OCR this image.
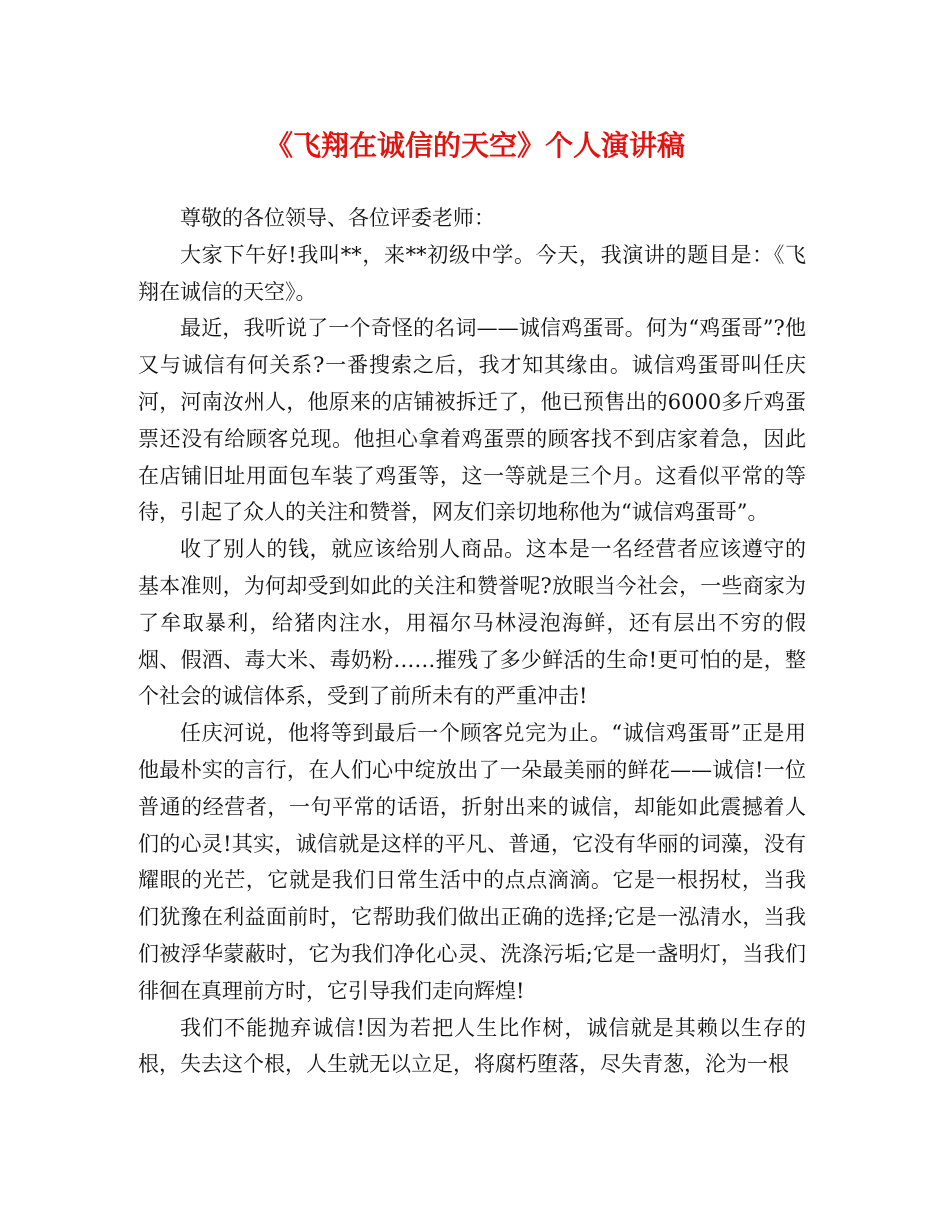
《飞翔在诚信的天空》个人演讲稿

尊敬的各位领导、各位评委老师：

大家下午好!我叫**，来**初级中学。今天，我演讲的题目是：《飞翔在诚信的天空》。

最近，我听说了一个奇怪的名词——诚信鸡蛋哥。何为“鸡蛋哥”?他又与诚信有何关系?一番搜索之后，我才知其缘由。诚信鸡蛋哥叫任庆河，河南汝州人，他原来的店铺被拆迁了，他已预售出的6000多斤鸡蛋票还没有给顾客兑现。他担心拿着鸡蛋票的顾客找不到店家着急，因此在店铺旧址用面包车装了鸡蛋等，这一等就是三个月。这看似平常的等待，引起了众人的关注和赞誉，网友们亲切地称他为“诚信鸡蛋哥”。

收了别人的钱，就应该给别人商品。这本是一名经营者应该遵守的基本准则，为何却受到如此的关注和赞誉呢?放眼当今社会，一些商家为了牟取暴利，给猪肉注水，用福尔马林浸泡海鲜，还有层出不穷的假烟、假酒、毒大米、毒奶粉……摧残了多少鲜活的生命!更可怕的是，整个社会的诚信体系，受到了前所未有的严重冲击!

任庆河说，他将等到最后一个顾客兑完为止。“诚信鸡蛋哥”正是用他最朴实的言行，在人们心中绽放出了一朵最美丽的鲜花——诚信!一位普通的经营者，一句平常的话语，折射出来的诚信，却能如此震撼着人们的心灵!其实，诚信就是这样的平凡、普通，它没有华丽的词藻，没有耀眼的光芒，它就是我们日常生活中的点点滴滴。它是一根拐杖，当我们犹豫在利益面前时，它帮助我们做出正确的选择;它是一泓清水，当我们被浮华蒙蔽时，它为我们净化心灵、洗涤污垢;它是一盏明灯，当我们徘徊在真理前方时，它引导我们走向辉煌!

我们不能抛弃诚信!因为若把人生比作树，诚信就是其赖以生存的根，失去这个根，人生就无以立足，将腐朽堕落，尽失青葱，沦为一根
